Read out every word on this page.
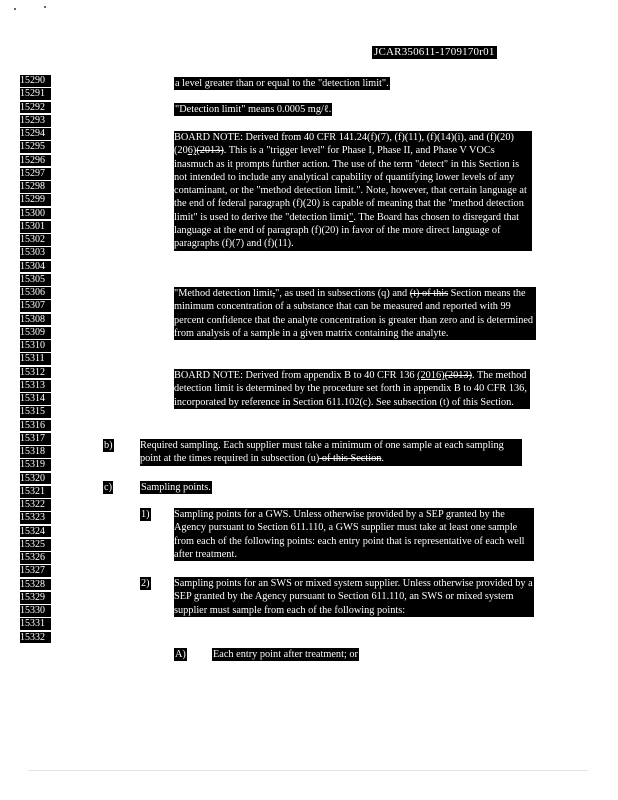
JCAR350611-1709170r01
15290
15291
15292
15293
15294
15295
15296
15297
15298
15299
15300
15301
15302
15303
15304
15305
15306
15307
15308
15309
15310
15311
15312
15313
15314
15315
15316
15317
15318
15319
15320
15321
15322
15323
15324
15325
15326
15327
15328
15329
15330
15331
15332
a level greater than or equal to the "detection limit".
"Detection limit" means 0.0005 mg/ℓ.

BOARD NOTE: Derived from 40 CFR 141.24(f)(7), (f)(11), (f)(14)(i), and (f)(20) (206)(2013). This is a "trigger level" for Phase I, Phase II, and Phase V VOCs inasmuch as it prompts further action. The use of the term "detect" in this Section is not intended to include any analytical capability of quantifying lower levels of any contaminant, or the "method detection limit.". Note, however, that certain language at the end of federal paragraph (f)(20) is capable of meaning that the "method detection limit" is used to derive the "detection limit". The Board has chosen to disregard that language at the end of paragraph (f)(20) in favor of the more direct language of paragraphs (f)(7) and (f)(11).

"Method detection limit,", as used in subsections (q) and (t) of this Section means the minimum concentration of a substance that can be measured and reported with 99 percent confidence that the analyte concentration is greater than zero and is determined from analysis of a sample in a given matrix containing the analyte.

BOARD NOTE: Derived from appendix B to 40 CFR 136 (2016)(2013). The method detection limit is determined by the procedure set forth in appendix B to 40 CFR 136, incorporated by reference in Section 611.102(c). See subsection (t) of this Section.

b)	Required sampling. Each supplier must take a minimum of one sample at each sampling point at the times required in subsection (u) of this Section.

c)	Sampling points.
1) Sampling points for a GWS. Unless otherwise provided by a SEP granted by the Agency pursuant to Section 611.110, a GWS supplier must take at least one sample from each of the following points: each entry point that is representative of each well after treatment.

2) Sampling points for an SWS or mixed system supplier. Unless otherwise provided by a SEP granted by the Agency pursuant to Section 611.110, an SWS or mixed system supplier must sample from each of the following points:

A)	Each entry point after treatment; or
